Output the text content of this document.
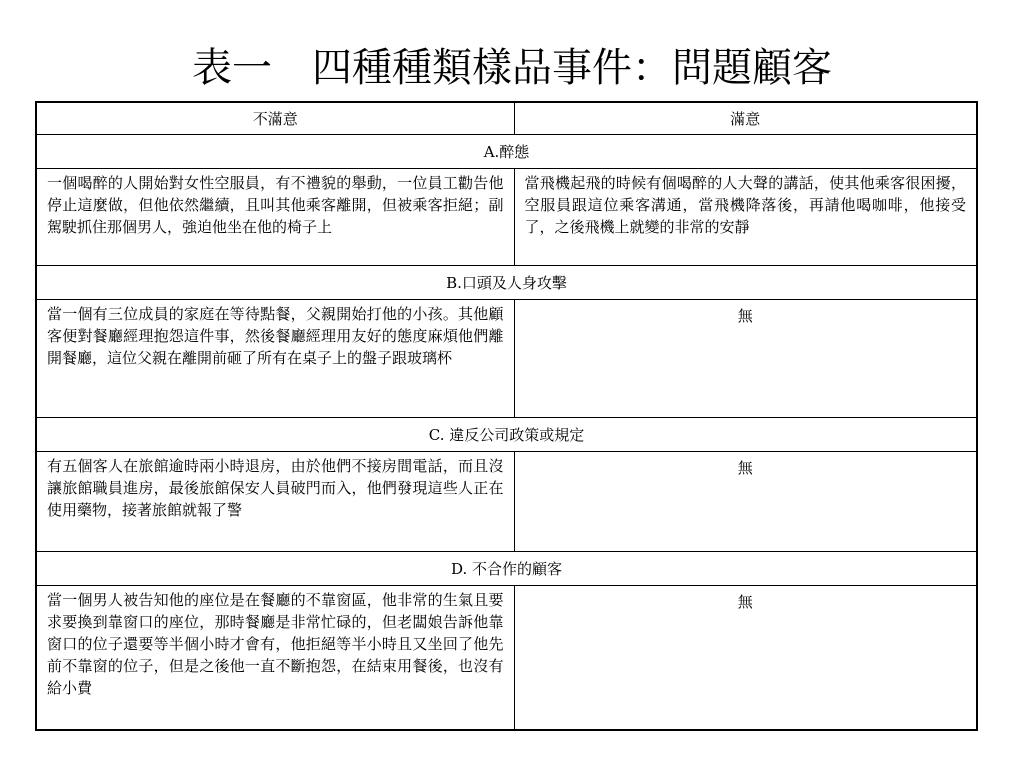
表一　四種種類樣品事件：問題顧客
不滿意	滿意
A.醉態	
一個喝醉的人開始對女性空服員，有不禮貌的舉動，一位員工勸告他停止這麼做，但他依然繼續，且叫其他乘客離開，但被乘客拒絕；副駕駛抓住那個男人，強迫他坐在他的椅子上	當飛機起飛的時候有個喝醉的人大聲的講話，使其他乘客很困擾，空服員跟這位乘客溝通，當飛機降落後，再請他喝咖啡，他接受了，之後飛機上就變的非常的安靜
B.口頭及人身攻擊	
當一個有三位成員的家庭在等待點餐，父親開始打他的小孩。其他顧客便對餐廳經理抱怨這件事，然後餐廳經理用友好的態度麻煩他們離開餐廳，這位父親在離開前砸了所有在桌子上的盤子跟玻璃杯	無
C. 違反公司政策或規定	
有五個客人在旅館逾時兩小時退房，由於他們不接房間電話，而且沒讓旅館職員進房，最後旅館保安人員破門而入，他們發現這些人正在使用藥物，接著旅館就報了警	無
D. 不合作的顧客	
當一個男人被告知他的座位是在餐廳的不靠窗區，他非常的生氣且要求要換到靠窗口的座位，那時餐廳是非常忙碌的，但老闆娘告訴他靠窗口的位子還要等半個小時才會有，他拒絕等半小時且又坐回了他先前不靠窗的位子，但是之後他一直不斷抱怨，在結束用餐後，也沒有給小費	無
